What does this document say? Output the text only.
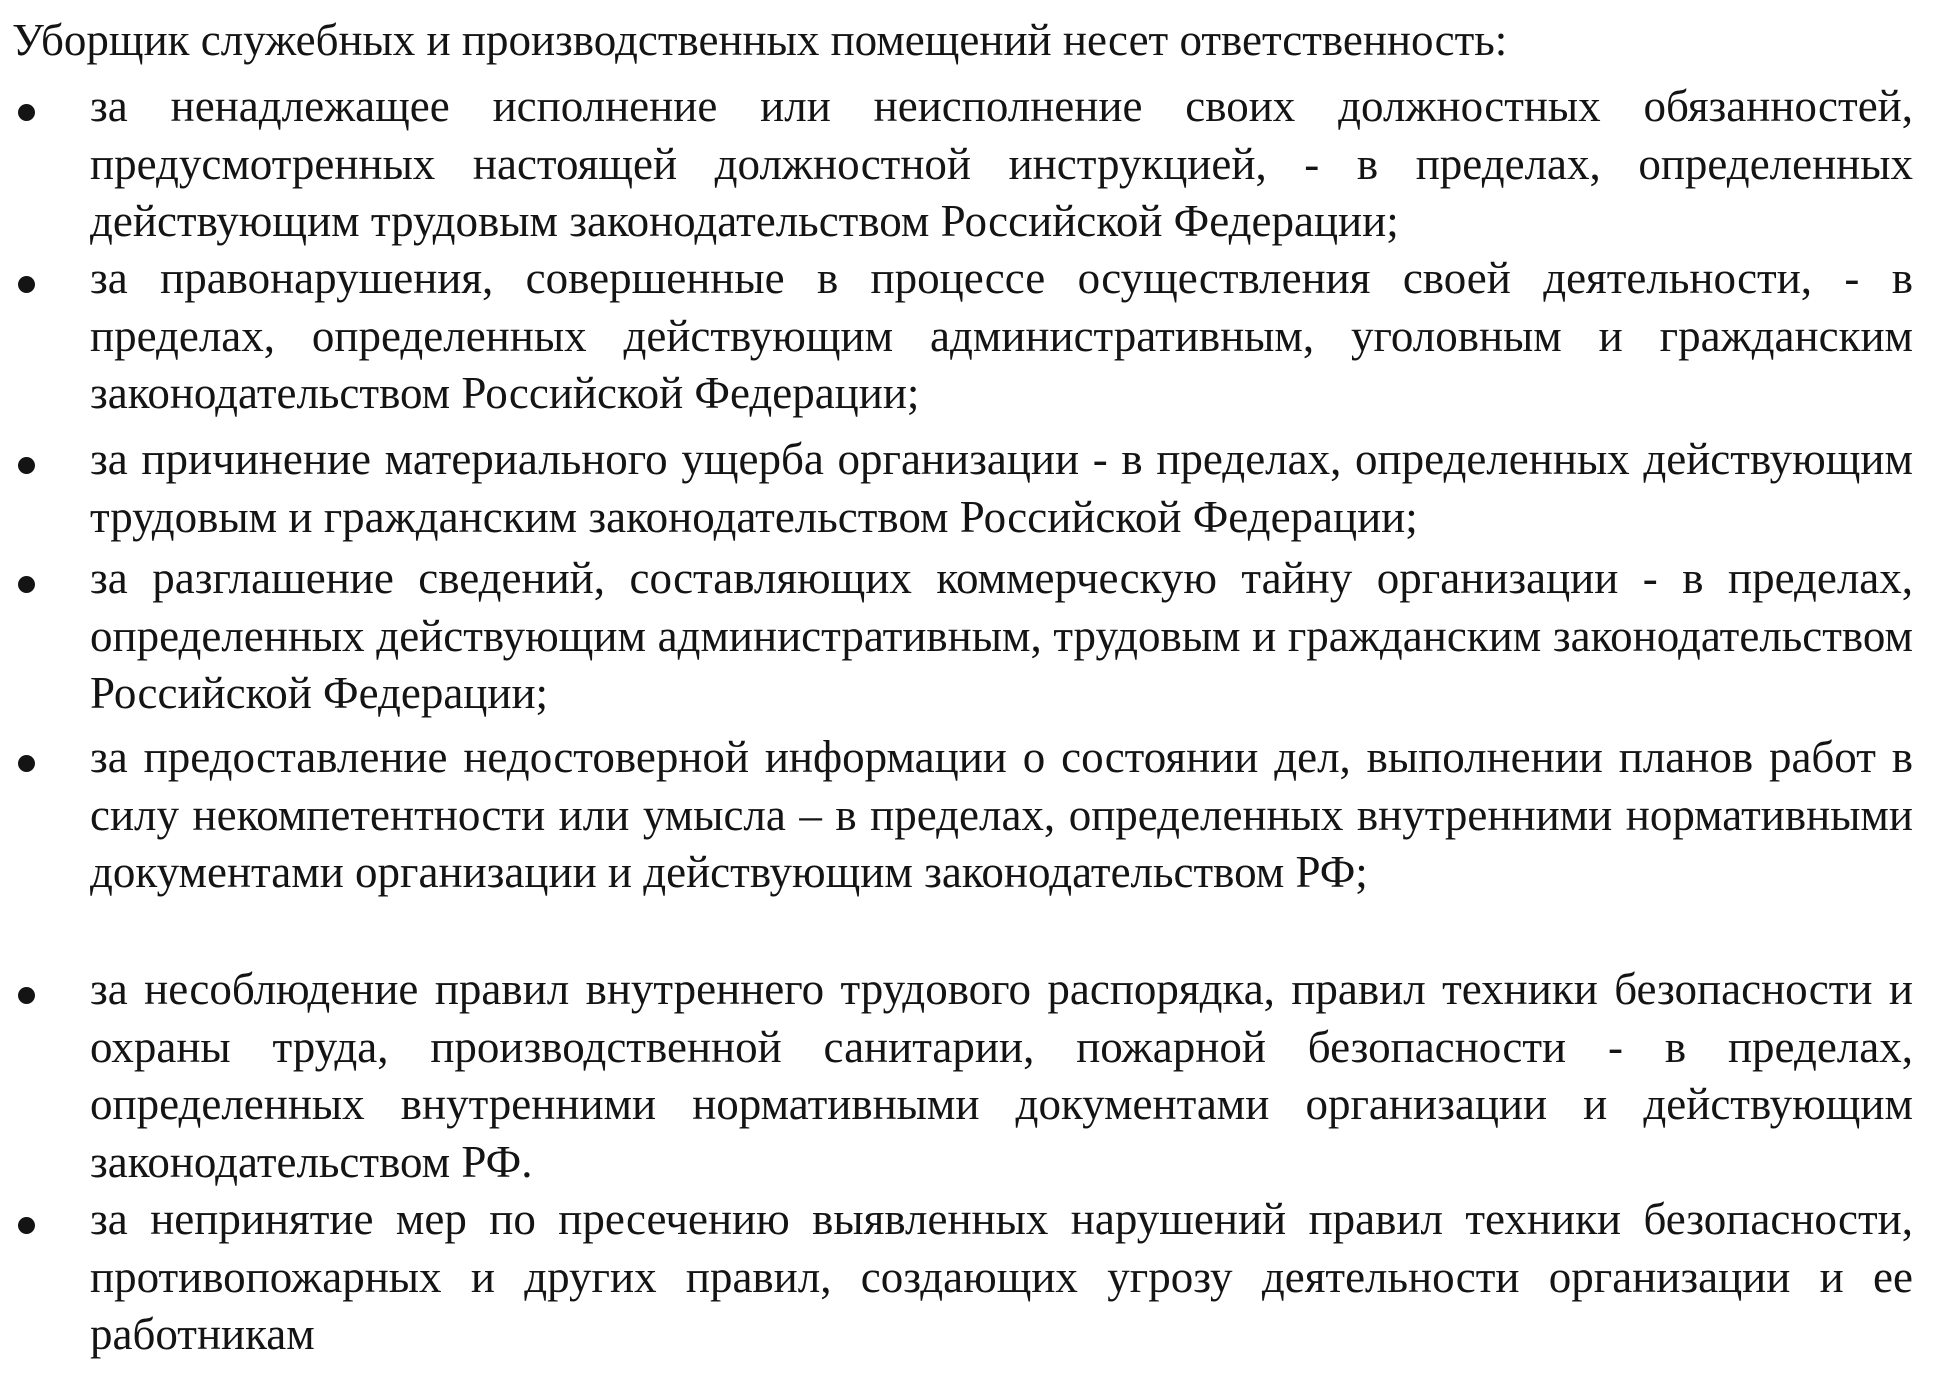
Уборщик служебных и производственных помещений несет ответственность:

за ненадлежащее исполнение или неисполнение своих должностных обязанностей, предусмотренных настоящей должностной инструкцией, - в пределах, определенных действующим трудовым законодательством Российской Федерации;

за правонарушения, совершенные в процессе осуществления своей деятельности, - в пределах, определенных действующим административным, уголовным и гражданским законодательством Российской Федерации;

за причинение материального ущерба организации - в пределах, определенных действующим трудовым и гражданским законодательством Российской Федерации;

за разглашение сведений, составляющих коммерческую тайну организации - в пределах, определенных действующим административным, трудовым и гражданским законодательством Российской Федерации;

за предоставление недостоверной информации о состоянии дел, выполнении планов работ в силу некомпетентности или умысла – в пределах, определенных внутренними нормативными документами организации и действующим законодательством РФ;

за несоблюдение правил внутреннего трудового распорядка, правил техники безопасности и охраны труда, производственной санитарии, пожарной безопасности - в пределах, определенных внутренними нормативными документами организации и действующим законодательством РФ.

за непринятие мер по пресечению выявленных нарушений правил техники безопасности, противопожарных и других правил, создающих угрозу деятельности организации и ее работникам
